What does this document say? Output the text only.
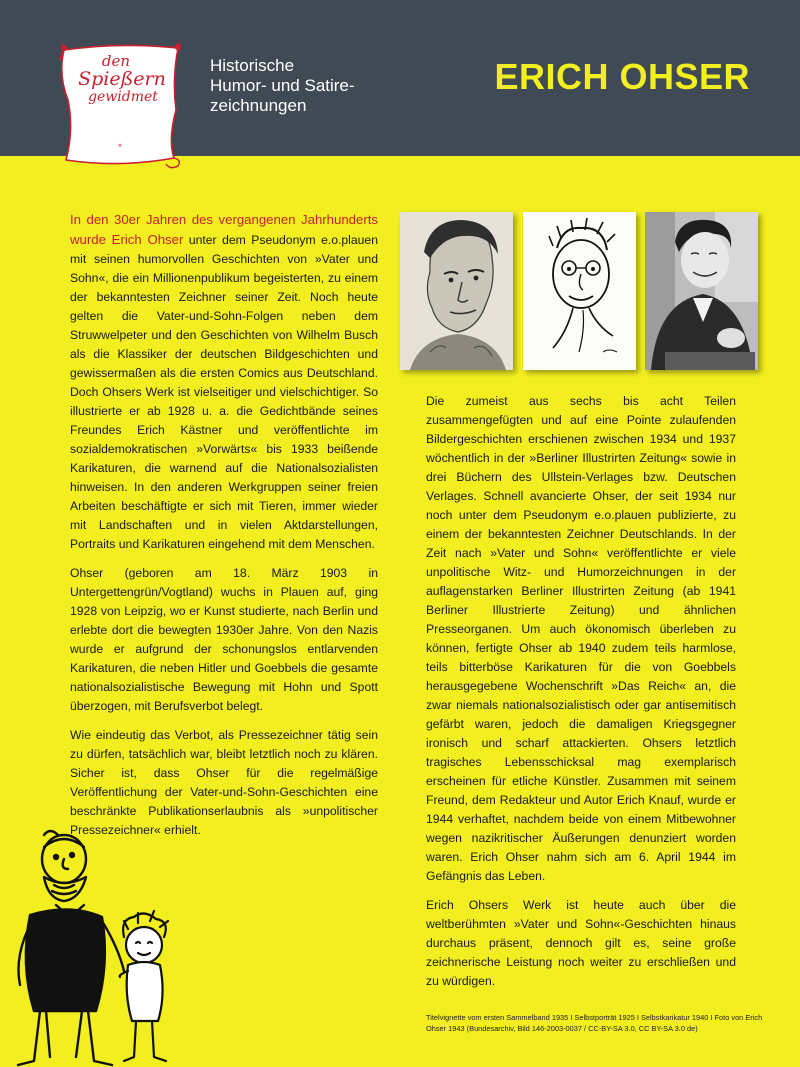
*
den
Spießern
gewidmet
Historische
Humor- und Satire-
zeichnungen
ERICH OHSER

In den 30er Jahren des vergangenen Jahrhunderts wurde Erich Ohser unter dem Pseudonym e.o.plauen mit seinen humorvollen Geschichten von »Vater und Sohn«, die ein Millionenpublikum begeisterten, zu einem der bekanntesten Zeichner seiner Zeit. Noch heute gelten die Vater-und-Sohn-Folgen neben dem Struwwelpeter und den Geschichten von Wilhelm Busch als die Klassiker der deutschen Bildgeschichten und gewissermaßen als die ersten Comics aus Deutschland. Doch Ohsers Werk ist vielseitiger und vielschichtiger. So illustrierte er ab 1928 u. a. die Gedichtbände seines Freundes Erich Kästner und veröffentlichte im sozialdemokratischen »Vorwärts« bis 1933 beißende Karikaturen, die warnend auf die Nationalsozialisten hinweisen. In den anderen Werkgruppen seiner freien Arbeiten beschäftigte er sich mit Tieren, immer wieder mit Landschaften und in vielen Aktdarstellungen, Portraits und Karikaturen eingehend mit dem Menschen.

Ohser (geboren am 18. März 1903 in Untergettengrün/Vogtland) wuchs in Plauen auf, ging 1928 von Leipzig, wo er Kunst studierte, nach Berlin und erlebte dort die bewegten 1930er Jahre. Von den Nazis wurde er aufgrund der schonungslos entlarvenden Karikaturen, die neben Hitler und Goebbels die gesamte nationalsozialistische Bewegung mit Hohn und Spott überzogen, mit Berufsverbot belegt.

Wie eindeutig das Verbot, als Pressezeichner tätig sein zu dürfen, tatsächlich war, bleibt letztlich noch zu klären. Sicher ist, dass Ohser für die regelmäßige Veröffentlichung der Vater-und-Sohn-Geschichten eine beschränkte Publikationserlaubnis als »unpolitischer Pressezeichner« erhielt.

Die zumeist aus sechs bis acht Teilen zusammengefügten und auf eine Pointe zulaufenden Bildergeschichten erschienen zwischen 1934 und 1937 wöchentlich in der »Berliner Illustrirten Zeitung« sowie in drei Büchern des Ullstein-Verlages bzw. Deutschen Verlages. Schnell avancierte Ohser, der seit 1934 nur noch unter dem Pseudonym e.o.plauen publizierte, zu einem der bekanntesten Zeichner Deutschlands. In der Zeit nach »Vater und Sohn« veröffentlichte er viele unpolitische Witz- und Humorzeichnungen in der auflagenstarken Berliner Illustrirten Zeitung (ab 1941 Berliner Illustrierte Zeitung) und ähnlichen Presseorganen. Um auch ökonomisch überleben zu können, fertigte Ohser ab 1940 zudem teils harmlose, teils bitterböse Karikaturen für die von Goebbels herausgegebene Wochenschrift »Das Reich« an, die zwar niemals nationalsozialistisch oder gar antisemitisch gefärbt waren, jedoch die damaligen Kriegsgegner ironisch und scharf attackierten. Ohsers letztlich tragisches Lebensschicksal mag exemplarisch erscheinen für etliche Künstler. Zusammen mit seinem Freund, dem Redakteur und Autor Erich Knauf, wurde er 1944 verhaftet, nachdem beide von einem Mitbewohner wegen nazikritischer Äußerungen denunziert worden waren. Erich Ohser nahm sich am 6. April 1944 im Gefängnis das Leben.

Erich Ohsers Werk ist heute auch über die weltberühmten »Vater und Sohn«-Geschichten hinaus durchaus präsent, dennoch gilt es, seine große zeichnerische Leistung noch weiter zu erschließen und zu würdigen.

Titelvignette vom ersten Sammelband 1935 I Selbstporträt 1925 I Selbstkarikatur 1940 I Foto von Erich Ohser 1943 (Bundesarchiv, Bild 146-2003-0037 / CC-BY-SA 3.0, CC BY-SA 3.0 de)
